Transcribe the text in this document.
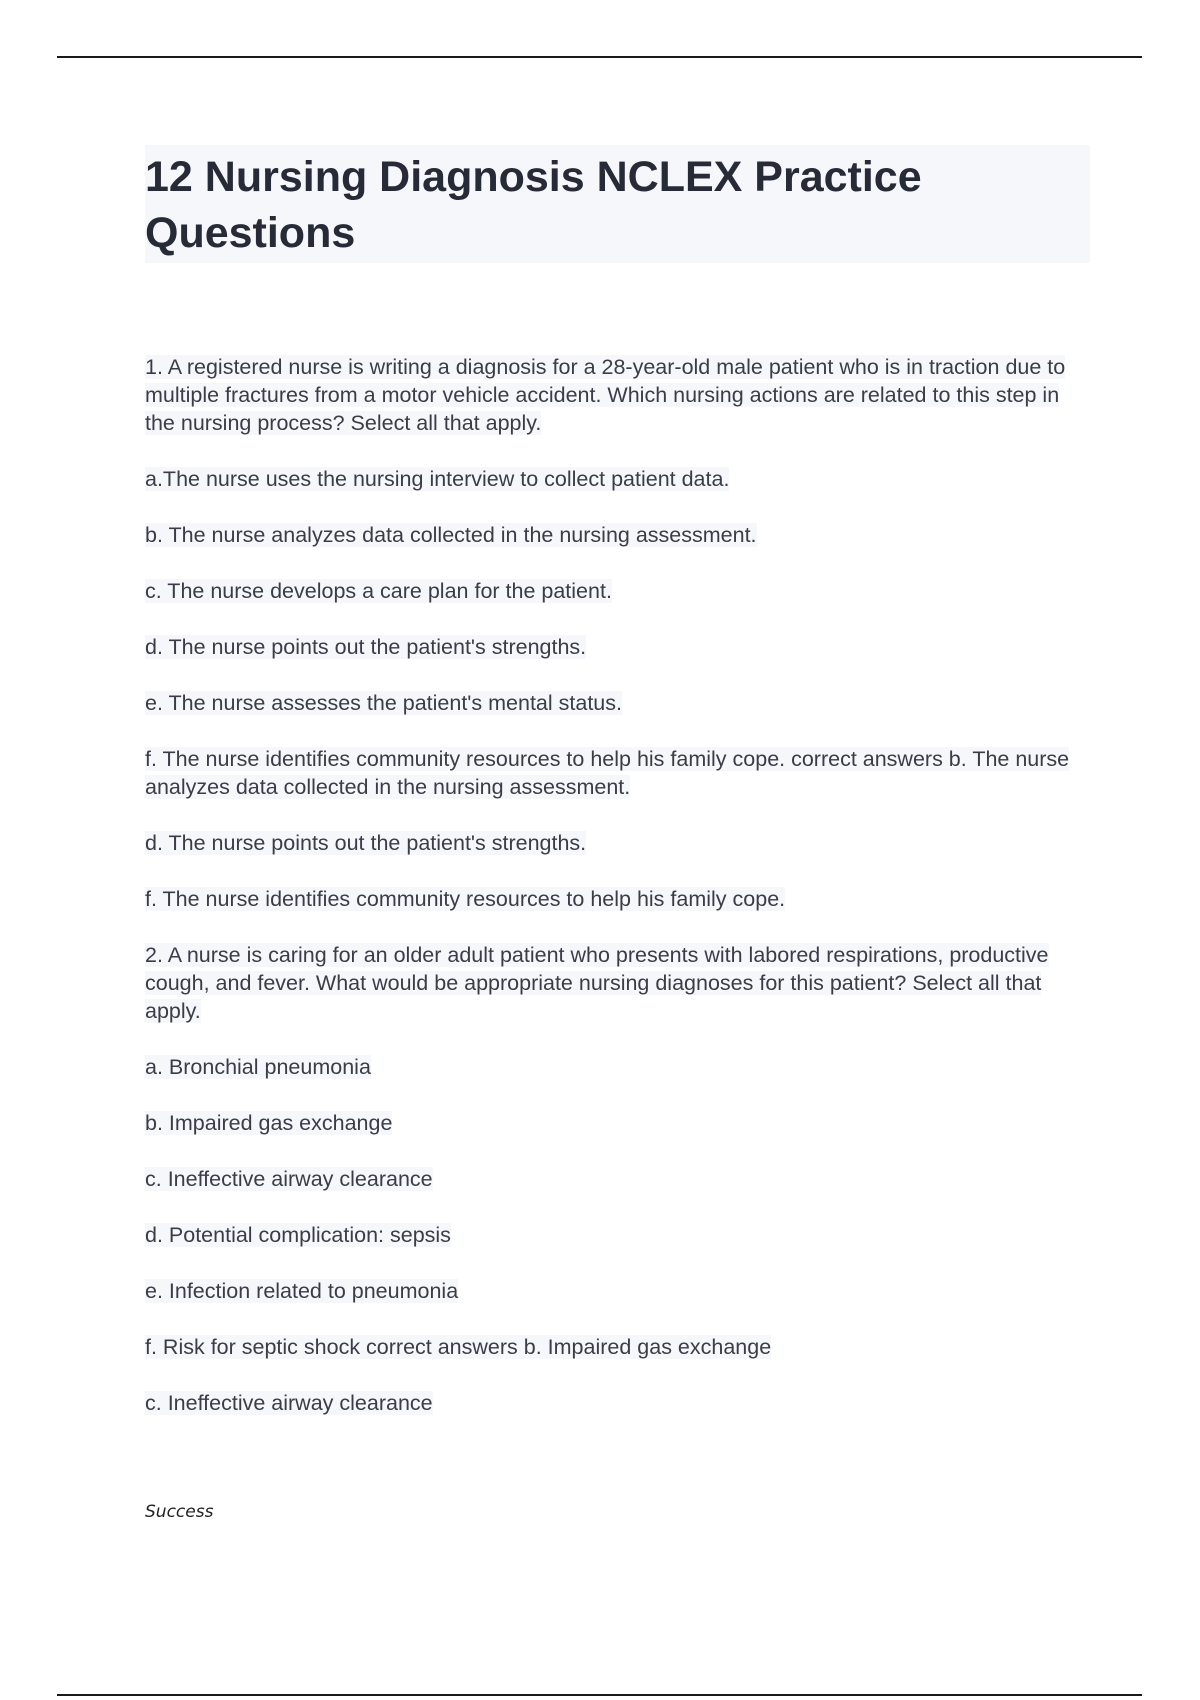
12 Nursing Diagnosis NCLEX Practice Questions

1. A registered nurse is writing a diagnosis for a 28-year-old male patient who is in traction due to multiple fractures from a motor vehicle accident. Which nursing actions are related to this step in the nursing process? Select all that apply.

a.The nurse uses the nursing interview to collect patient data.

b. The nurse analyzes data collected in the nursing assessment.

c. The nurse develops a care plan for the patient.

d. The nurse points out the patient's strengths.

e. The nurse assesses the patient's mental status.

f. The nurse identifies community resources to help his family cope. correct answers b. The nurse analyzes data collected in the nursing assessment.

d. The nurse points out the patient's strengths.

f. The nurse identifies community resources to help his family cope.

2. A nurse is caring for an older adult patient who presents with labored respirations, productive cough, and fever. What would be appropriate nursing diagnoses for this patient? Select all that apply.

a. Bronchial pneumonia

b. Impaired gas exchange

c. Ineffective airway clearance

d. Potential complication: sepsis

e. Infection related to pneumonia

f. Risk for septic shock correct answers b. Impaired gas exchange

c. Ineffective airway clearance

Success
